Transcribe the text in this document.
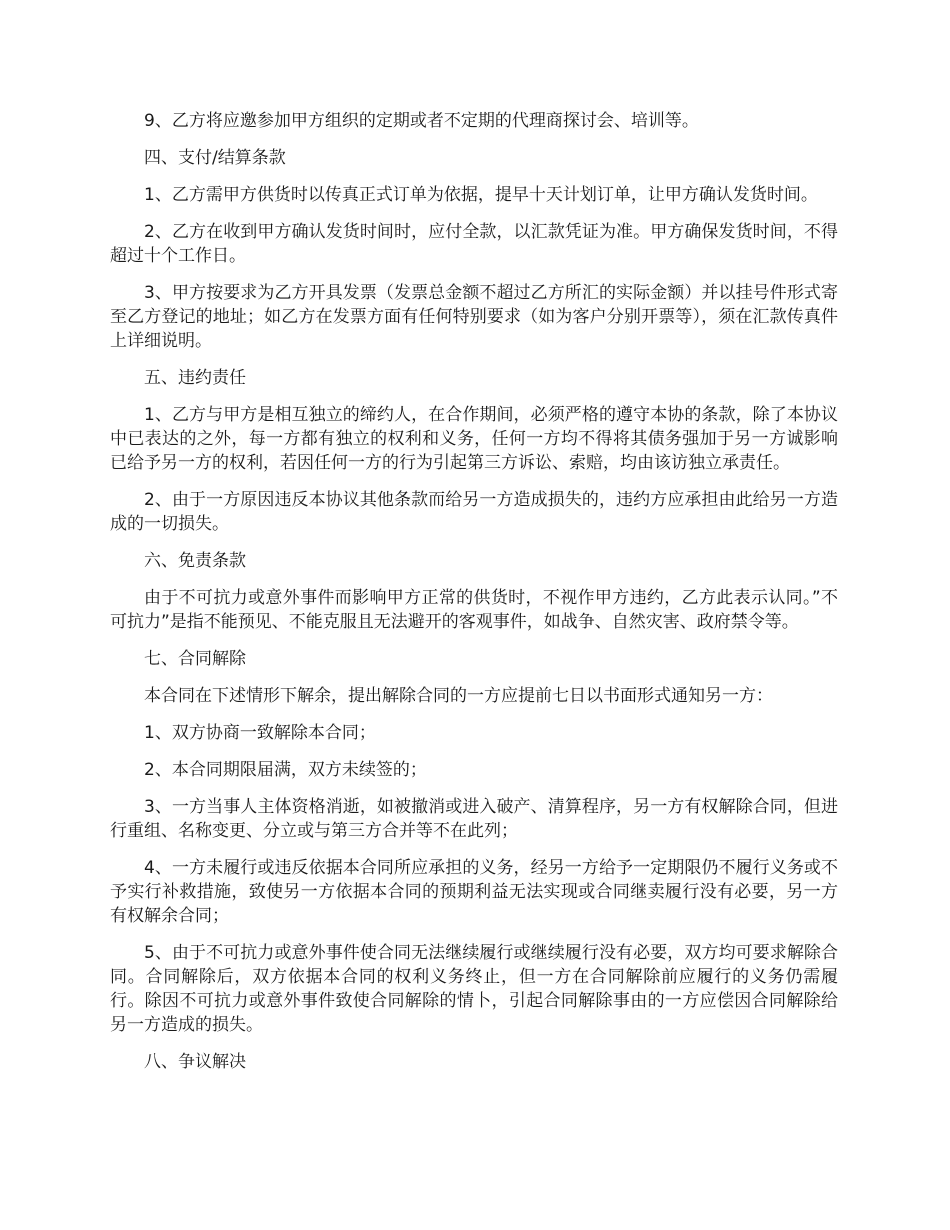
9、乙方将应邀参加甲方组织的定期或者不定期的代理商探讨会、培训等。

四、支付/结算条款

1、乙方需甲方供货时以传真正式订单为依据，提早十天计划订单，让甲方确认发货时间。

2、乙方在收到甲方确认发货时间时，应付全款，以汇款凭证为准。甲方确保发货时间，不得超过十个工作日。

3、甲方按要求为乙方开具发票（发票总金额不超过乙方所汇的实际金额）并以挂号件形式寄至乙方登记的地址；如乙方在发票方面有任何特别要求（如为客户分别开票等），须在汇款传真件上详细说明。

五、违约责任

1、乙方与甲方是相互独立的缔约人，在合作期间，必须严格的遵守本协的条款，除了本协议中已表达的之外，每一方都有独立的权利和义务，任何一方均不得将其债务强加于另一方诚影响已给予另一方的权利，若因任何一方的行为引起第三方诉讼、索赔，均由该访独立承责任。

2、由于一方原因违反本协议其他条款而给另一方造成损失的，违约方应承担由此给另一方造成的一切损失。

六、免责条款

由于不可抗力或意外事件而影响甲方正常的供货时，不视作甲方违约，乙方此表示认同。”不可抗力”是指不能预见、不能克服且无法避开的客观事件，如战争、自然灾害、政府禁令等。

七、合同解除

本合同在下述情形下解余，提出解除合同的一方应提前七日以书面形式通知另一方：

1、双方协商一致解除本合同；

2、本合同期限届满，双方未续签的；

3、一方当事人主体资格消逝，如被撤消或进入破产、清算程序，另一方有权解除合同，但进行重组、名称变更、分立或与第三方合并等不在此列；

4、一方未履行或违反依据本合同所应承担的义务，经另一方给予一定期限仍不履行义务或不予实行补救措施，致使另一方依据本合同的预期利益无法实现或合同继卖履行没有必要，另一方有权解余合同；

5、由于不可抗力或意外事件使合同无法继续履行或继续履行没有必要，双方均可要求解除合同。合同解除后，双方依据本合同的权利义务终止，但一方在合同解除前应履行的义务仍需履行。除因不可抗力或意外事件致使合同解除的情卜，引起合同解除事由的一方应偿因合同解除给另一方造成的损失。

八、争议解决
